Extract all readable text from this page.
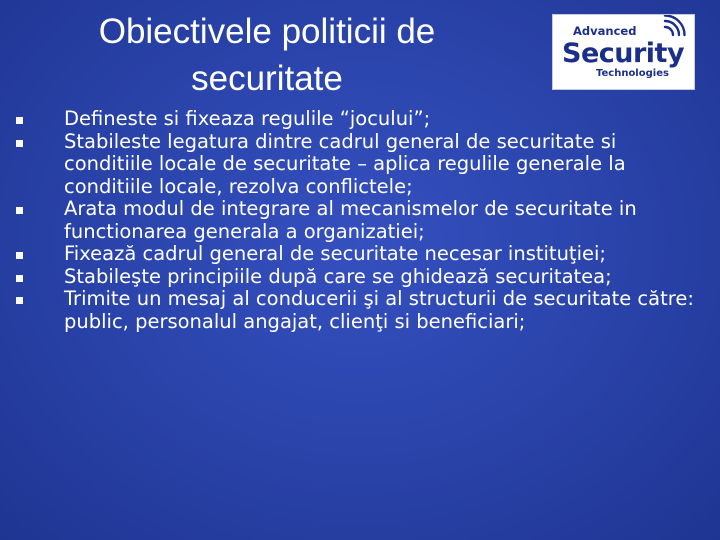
Obiectivele politicii de securitate
Advanced
Security
Technologies
Defineste si fixeaza regulile “jocului”;
Stabileste legatura dintre cadrul general de securitate si conditiile locale de securitate – aplica regulile generale la conditiile locale, rezolva conflictele;
Arata modul de integrare al mecanismelor de securitate in functionarea generala a organizatiei;
Fixează cadrul general de securitate necesar instituţiei;
Stabileşte principiile după care se ghidează securitatea;
Trimite un mesaj al conducerii şi al structurii de securitate către: public, personalul angajat, clienţi si beneficiari;
